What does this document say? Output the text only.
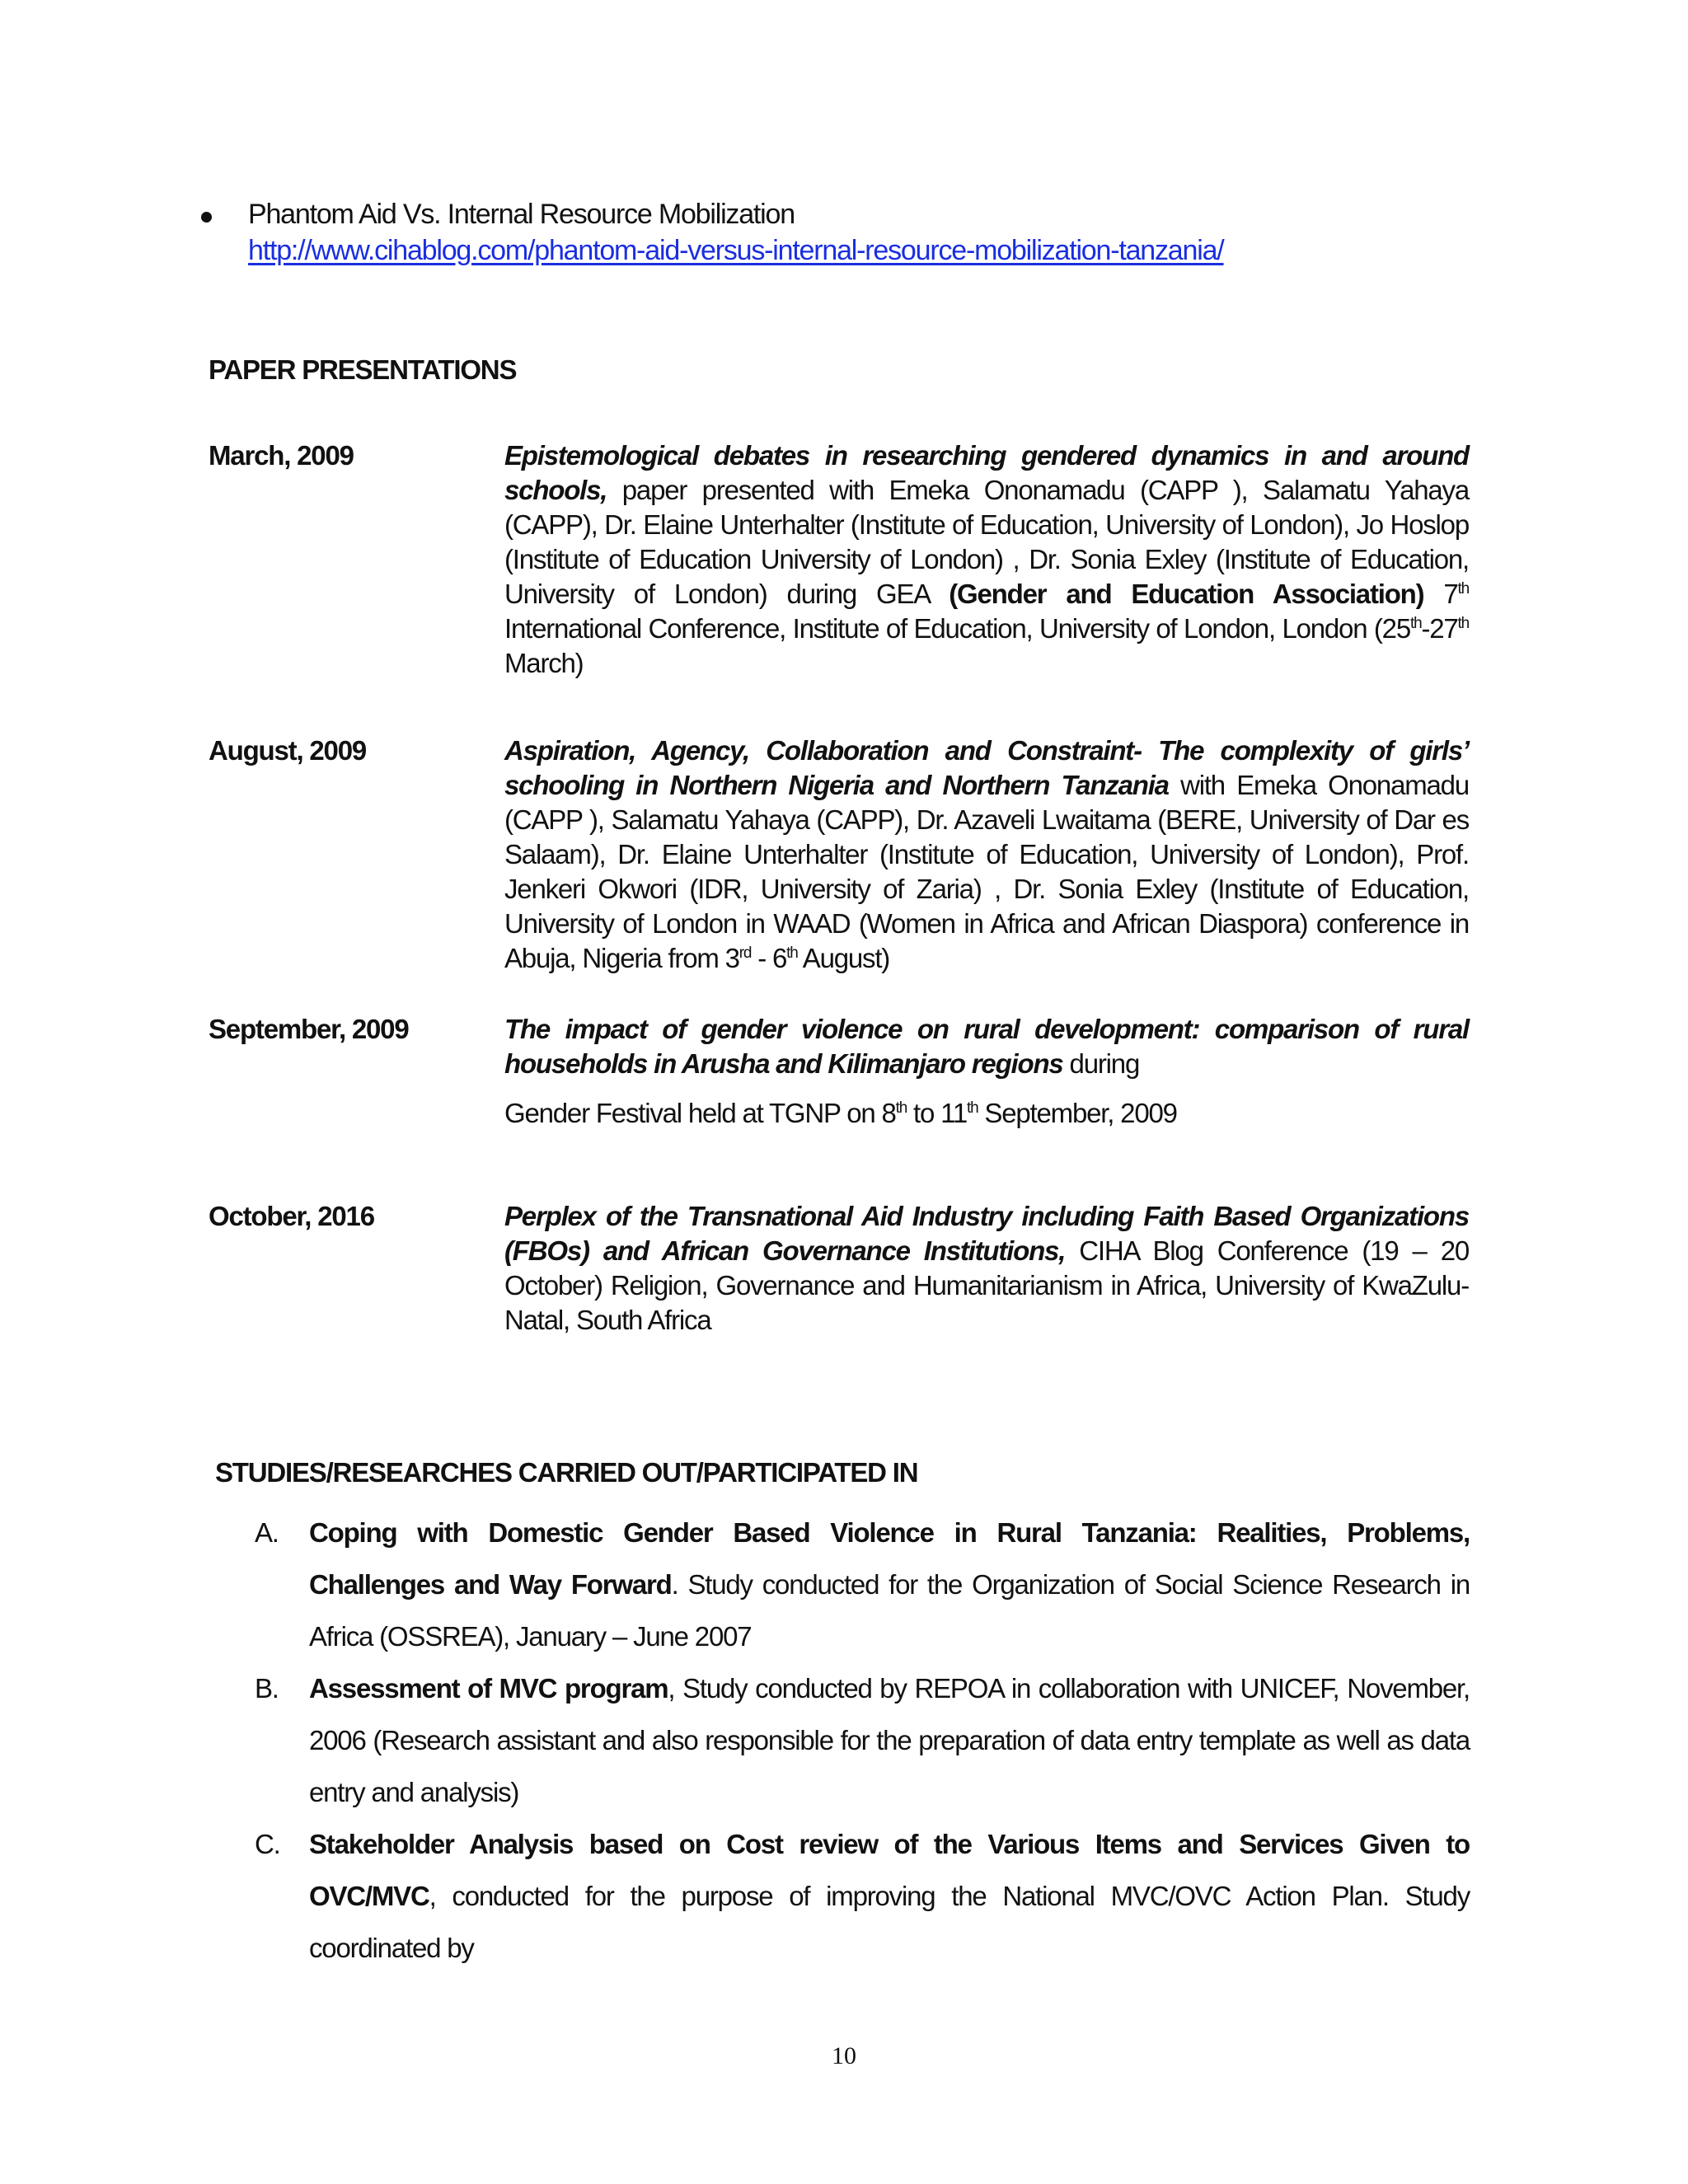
Phantom Aid Vs. Internal Resource Mobilization
http://www.cihablog.com/phantom-aid-versus-internal-resource-mobilization-tanzania/
PAPER PRESENTATIONS
March, 2009	Epistemological debates in researching gendered dynamics in and around schools, paper presented with Emeka Ononamadu (CAPP ), Salamatu Yahaya (CAPP), Dr. Elaine Unterhalter (Institute of Education, University of London), Jo Hoslop (Institute of Education University of London) , Dr. Sonia Exley (Institute of Education, University of London) during GEA (Gender and Education Association) 7th International Conference, Institute of Education, University of London, London (25th-27th March)
August, 2009	Aspiration, Agency, Collaboration and Constraint- The complexity of girls’ schooling in Northern Nigeria and Northern Tanzania with Emeka Ononamadu (CAPP ), Salamatu Yahaya (CAPP), Dr. Azaveli Lwaitama (BERE, University of Dar es Salaam), Dr. Elaine Unterhalter (Institute of Education, University of London), Prof. Jenkeri Okwori (IDR, University of Zaria) , Dr. Sonia Exley (Institute of Education, University of London in WAAD (Women in Africa and African Diaspora) conference in Abuja, Nigeria from 3rd - 6th August)
September, 2009	The impact of gender violence on rural development: comparison of rural households in Arusha and Kilimanjaro regions during
Gender Festival held at TGNP on 8th to 11th September, 2009
October, 2016	Perplex of the Transnational Aid Industry including Faith Based Organizations (FBOs) and African Governance Institutions, CIHA Blog Conference (19 – 20 October) Religion, Governance and Humanitarianism in Africa, University of KwaZulu-Natal, South Africa
STUDIES/RESEARCHES CARRIED OUT/PARTICIPATED IN
A. Coping with Domestic Gender Based Violence in Rural Tanzania: Realities, Problems, Challenges and Way Forward. Study conducted for the Organization of Social Science Research in Africa (OSSREA), January – June 2007
B. Assessment of MVC program, Study conducted by REPOA in collaboration with UNICEF, November, 2006 (Research assistant and also responsible for the preparation of data entry template as well as data entry and analysis)
C. Stakeholder Analysis based on Cost review of the Various Items and Services Given to OVC/MVC, conducted for the purpose of improving the National MVC/OVC Action Plan. Study coordinated by
10
